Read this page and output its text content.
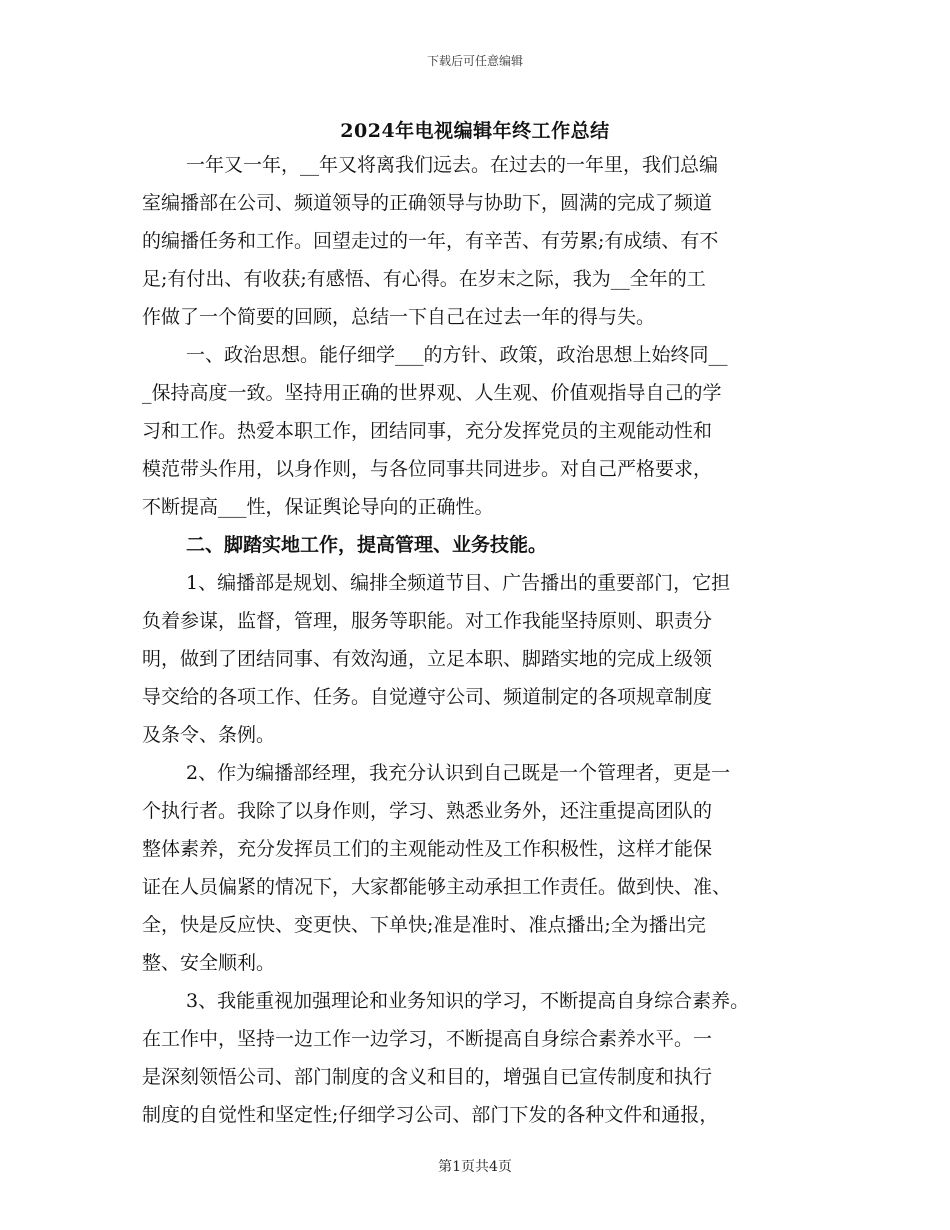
下载后可任意编辑
2024年电视编辑年终工作总结
一年又一年，__年又将离我们远去。在过去的一年里，我们总编
室编播部在公司、频道领导的正确领导与协助下，圆满的完成了频道
的编播任务和工作。回望走过的一年，有辛苦、有劳累;有成绩、有不
足;有付出、有收获;有感悟、有心得。在岁末之际，我为__全年的工
作做了一个简要的回顾，总结一下自己在过去一年的得与失。
一、政治思想。能仔细学___的方针、政策，政治思想上始终同__
_保持高度一致。坚持用正确的世界观、人生观、价值观指导自己的学
习和工作。热爱本职工作，团结同事，充分发挥党员的主观能动性和
模范带头作用，以身作则，与各位同事共同进步。对自己严格要求，
不断提高___性，保证舆论导向的正确性。
二、脚踏实地工作，提高管理、业务技能。
1、编播部是规划、编排全频道节目、广告播出的重要部门，它担
负着参谋，监督，管理，服务等职能。对工作我能坚持原则、职责分
明，做到了团结同事、有效沟通，立足本职、脚踏实地的完成上级领
导交给的各项工作、任务。自觉遵守公司、频道制定的各项规章制度
及条令、条例。
2、作为编播部经理，我充分认识到自己既是一个管理者，更是一
个执行者。我除了以身作则，学习、熟悉业务外，还注重提高团队的
整体素养，充分发挥员工们的主观能动性及工作积极性，这样才能保
证在人员偏紧的情况下，大家都能够主动承担工作责任。做到快、准、
全，快是反应快、变更快、下单快;准是准时、准点播出;全为播出完
整、安全顺利。
3、我能重视加强理论和业务知识的学习，不断提高自身综合素养。
在工作中，坚持一边工作一边学习，不断提高自身综合素养水平。一
是深刻领悟公司、部门制度的含义和目的，增强自已宣传制度和执行
制度的自觉性和坚定性;仔细学习公司、部门下发的各种文件和通报，
第1页共4页
